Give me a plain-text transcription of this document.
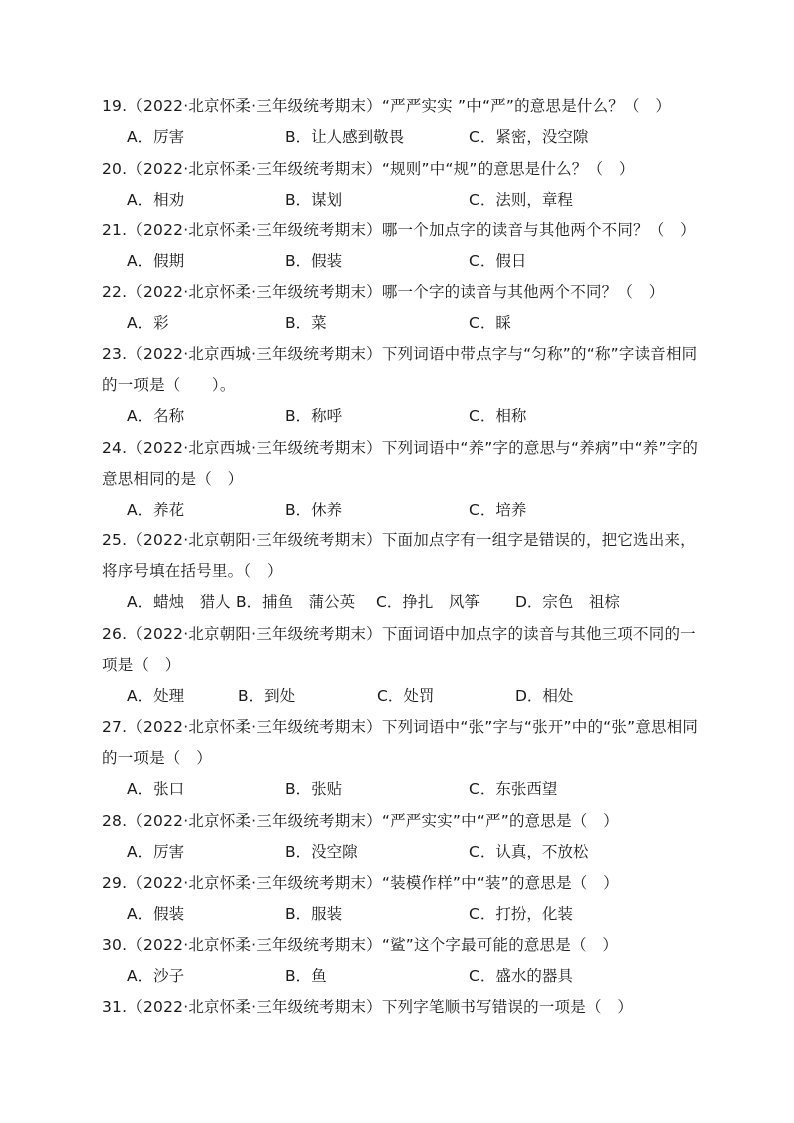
19.（2022·北京怀柔·三年级统考期末）“严严实实 ”中“严”的意思是什么？（　）
A．厉害	B．让人感到敬畏	C．紧密，没空隙
20.（2022·北京怀柔·三年级统考期末）“规则”中“规”的意思是什么？（　）
A．相劝	B．谋划	C．法则，章程
21.（2022·北京怀柔·三年级统考期末）哪一个加点字的读音与其他两个不同？（　）
A．假期	B．假装	C．假日
22.（2022·北京怀柔·三年级统考期末）哪一个字的读音与其他两个不同？（　）
A．彩	B．菜	C．睬
23.（2022·北京西城·三年级统考期末）下列词语中带点字与“匀称”的“称”字读音相同
的一项是（　　）。
A．名称	B．称呼	C．相称
24.（2022·北京西城·三年级统考期末）下列词语中“养”字的意思与“养病”中“养”字的
意思相同的是（　）
A．养花	B．休养	C．培养
25.（2022·北京朝阳·三年级统考期末）下面加点字有一组字是错误的，把它选出来，
将序号填在括号里。（　）
A．蜡烛　猎人 B．捕鱼　蒲公英 C．挣扎　风筝 D．宗色　祖棕
26.（2022·北京朝阳·三年级统考期末）下面词语中加点字的读音与其他三项不同的一
项是（　）
A．处理	B．到处	C．处罚	D．相处
27.（2022·北京怀柔·三年级统考期末）下列词语中“张”字与“张开”中的“张”意思相同
的一项是（　）
A．张口	B．张贴	C．东张西望
28.（2022·北京怀柔·三年级统考期末）“严严实实”中“严”的意思是（　）
A．厉害	B．没空隙	C．认真，不放松
29.（2022·北京怀柔·三年级统考期末）“装模作样”中“装”的意思是（　）
A．假装	B．服装	C．打扮，化装
30.（2022·北京怀柔·三年级统考期末）“鲨”这个字最可能的意思是（　）
A．沙子	B．鱼	C．盛水的器具
31.（2022·北京怀柔·三年级统考期末）下列字笔顺书写错误的一项是（　）
